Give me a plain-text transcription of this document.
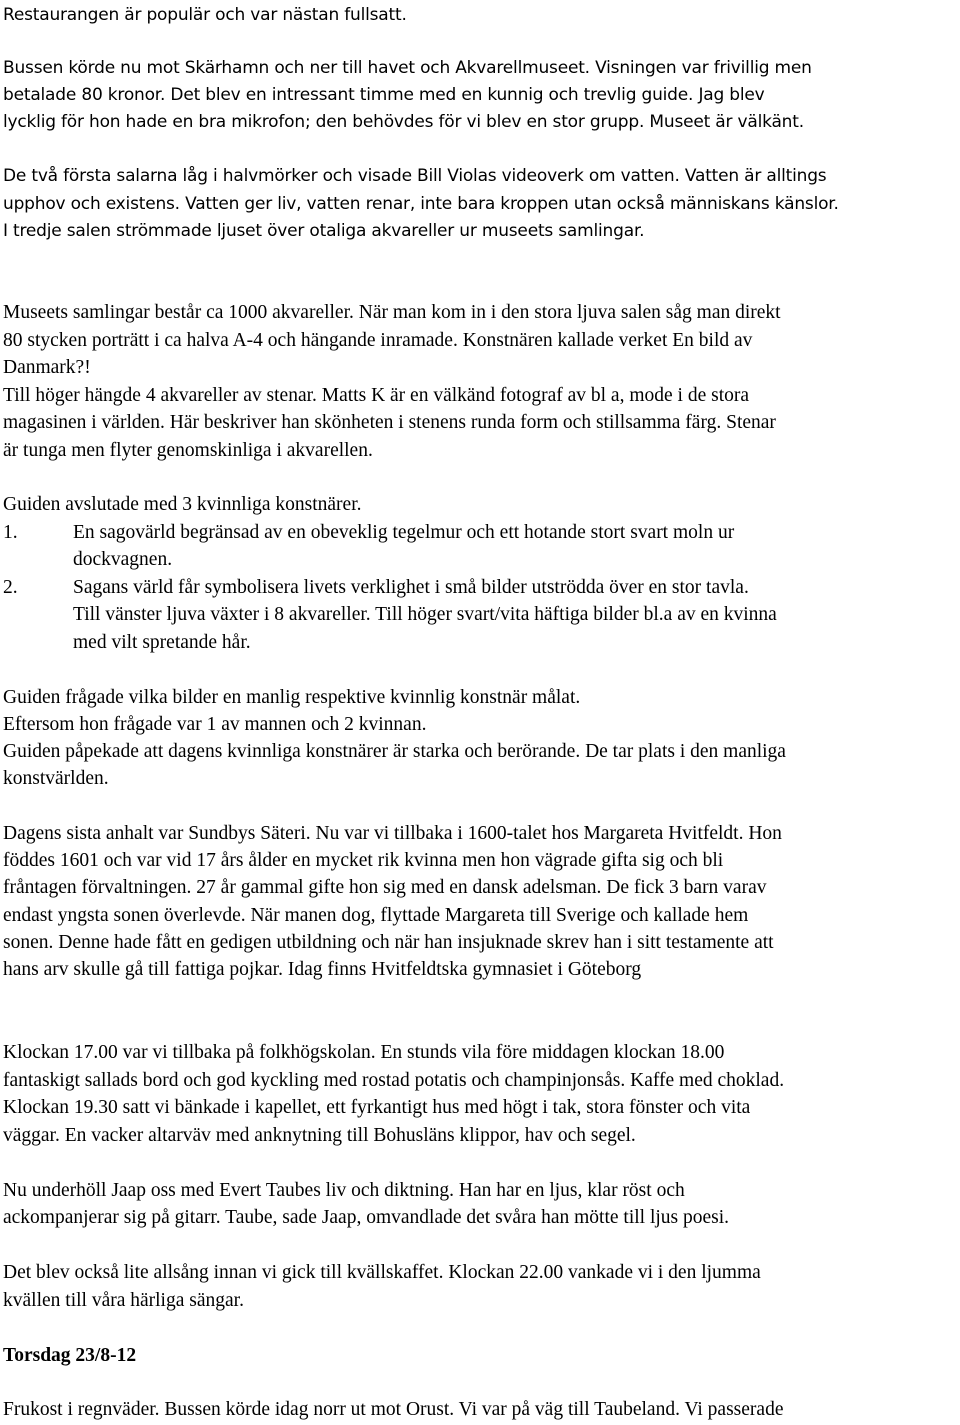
Restaurangen är populär och var nästan fullsatt.
Bussen körde nu mot Skärhamn och ner till havet och Akvarellmuseet. Visningen var frivillig men
betalade 80 kronor. Det blev en intressant timme med en kunnig och trevlig guide. Jag blev
lycklig för hon hade en bra mikrofon; den behövdes för vi blev en stor grupp. Museet är välkänt.
De två första salarna låg i halvmörker och visade Bill Violas videoverk om vatten. Vatten är alltings
upphov och existens. Vatten ger liv, vatten renar, inte bara kroppen utan också människans känslor.
I tredje salen strömmade ljuset över otaliga akvareller ur museets samlingar.
Museets samlingar består ca 1000 akvareller. När man kom in i den stora ljuva salen såg man direkt
80 stycken porträtt i ca halva A-4 och hängande inramade. Konstnären kallade verket En bild av
Danmark?!
Till höger hängde 4 akvareller av stenar. Matts K är en välkänd fotograf av bl a, mode i de stora
magasinen i världen. Här beskriver han skönheten i stenens runda form och stillsamma färg. Stenar
är tunga men flyter genomskinliga i akvarellen.
Guiden avslutade med 3 kvinnliga konstnärer.
1.	En sagovärld begränsad av en obeveklig tegelmur och ett hotande stort svart moln ur
dockvagnen.
2.	Sagans värld får symbolisera livets verklighet i små bilder utströdda över en stor tavla.
Till vänster ljuva växter i 8 akvareller. Till höger svart/vita häftiga bilder bl.a av en kvinna
med vilt spretande hår.
Guiden frågade vilka bilder en manlig respektive kvinnlig konstnär målat.
Eftersom hon frågade var 1 av mannen och 2 kvinnan.
Guiden påpekade att dagens kvinnliga konstnärer är starka och berörande. De tar plats i den manliga
konstvärlden.
Dagens sista anhalt var Sundbys Säteri. Nu var vi tillbaka i 1600-talet hos Margareta Hvitfeldt. Hon
föddes 1601 och var vid 17 års ålder en mycket rik kvinna men hon vägrade gifta sig och bli
fråntagen förvaltningen. 27 år gammal gifte hon sig med en dansk adelsman. De fick 3 barn varav
endast yngsta sonen överlevde. När manen dog, flyttade Margareta till Sverige och kallade hem
sonen. Denne hade fått en gedigen utbildning och när han insjuknade skrev han i sitt testamente att
hans arv skulle gå till fattiga pojkar. Idag finns Hvitfeldtska gymnasiet i Göteborg
Klockan 17.00 var vi tillbaka på folkhögskolan. En stunds vila före middagen klockan 18.00
fantaskigt sallads bord och god kyckling med rostad potatis och champinjonsås. Kaffe med choklad.
Klockan 19.30 satt vi bänkade i kapellet, ett fyrkantigt hus med högt i tak, stora fönster och vita
väggar. En vacker altarväv med anknytning till Bohusläns klippor, hav och segel.
Nu underhöll Jaap oss med Evert Taubes liv och diktning. Han har en ljus, klar röst och
ackompanjerar sig på gitarr. Taube, sade Jaap, omvandlade det svåra han mötte till ljus poesi.
Det blev också lite allsång innan vi gick till kvällskaffet. Klockan 22.00 vankade vi i den ljumma
kvällen till våra härliga sängar.
Torsdag 23/8-12
Frukost i regnväder. Bussen körde idag norr ut mot Orust. Vi var på väg till Taubeland. Vi passerade
